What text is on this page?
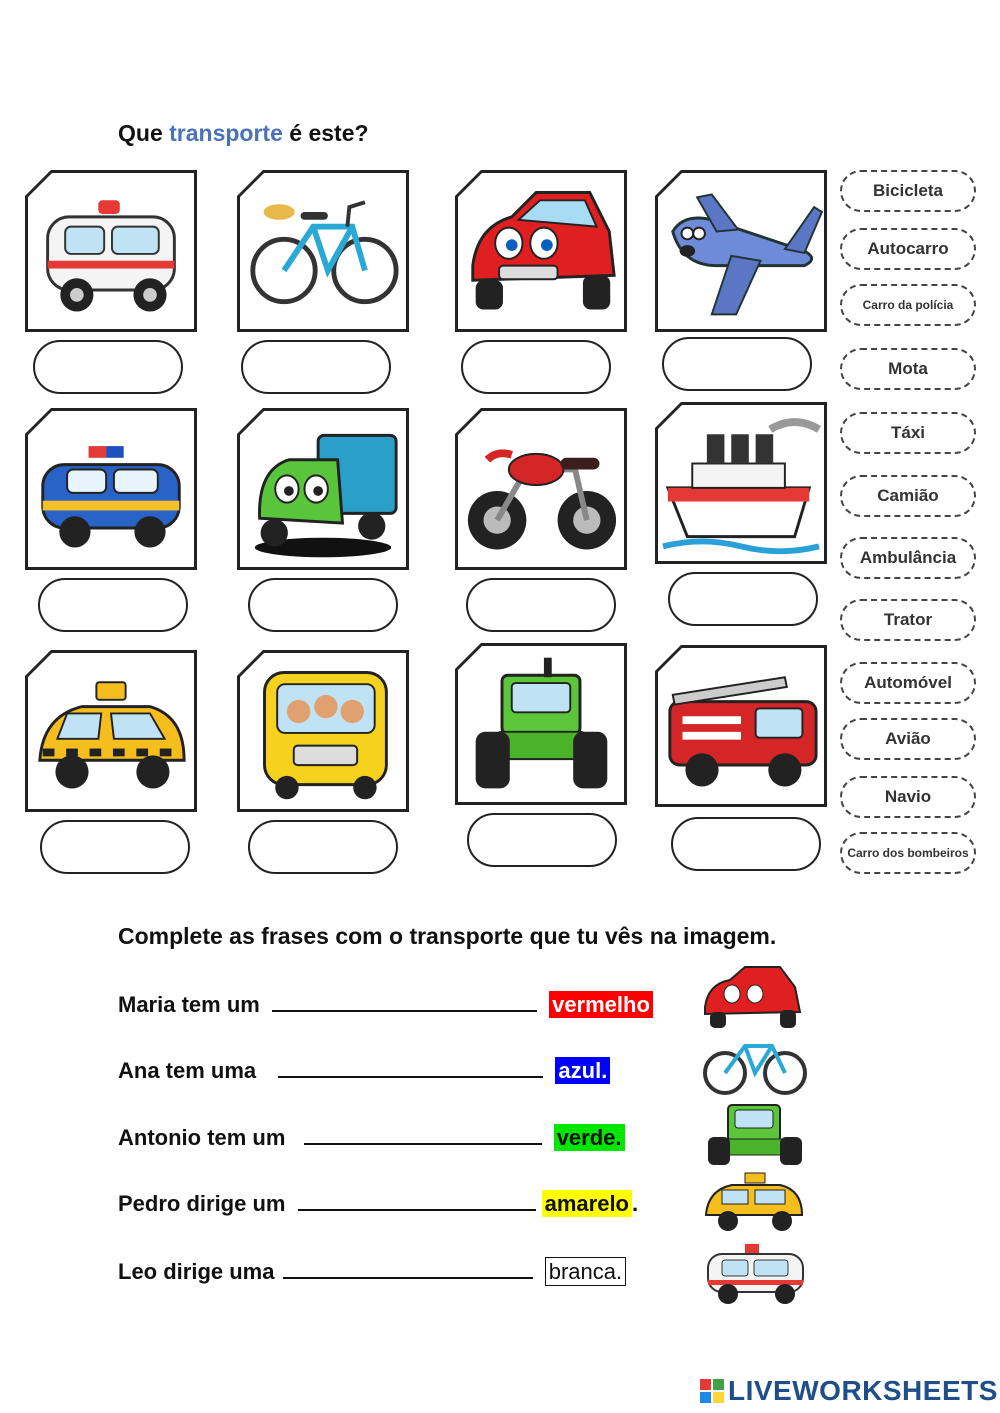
Que transporte é este?
Bicicleta
Autocarro
Carro da polícia
Mota
Táxi
Camião
Ambulância
Trator
Automóvel
Avião
Navio
Carro dos bombeiros
Complete as frases com o transporte que tu vês na imagem.
Maria tem um	vermelho
Ana tem uma	azul.
Antonio tem um	verde.
Pedro dirige um	amarelo .
Leo dirige uma	branca.
LIVEWORKSHEETS
